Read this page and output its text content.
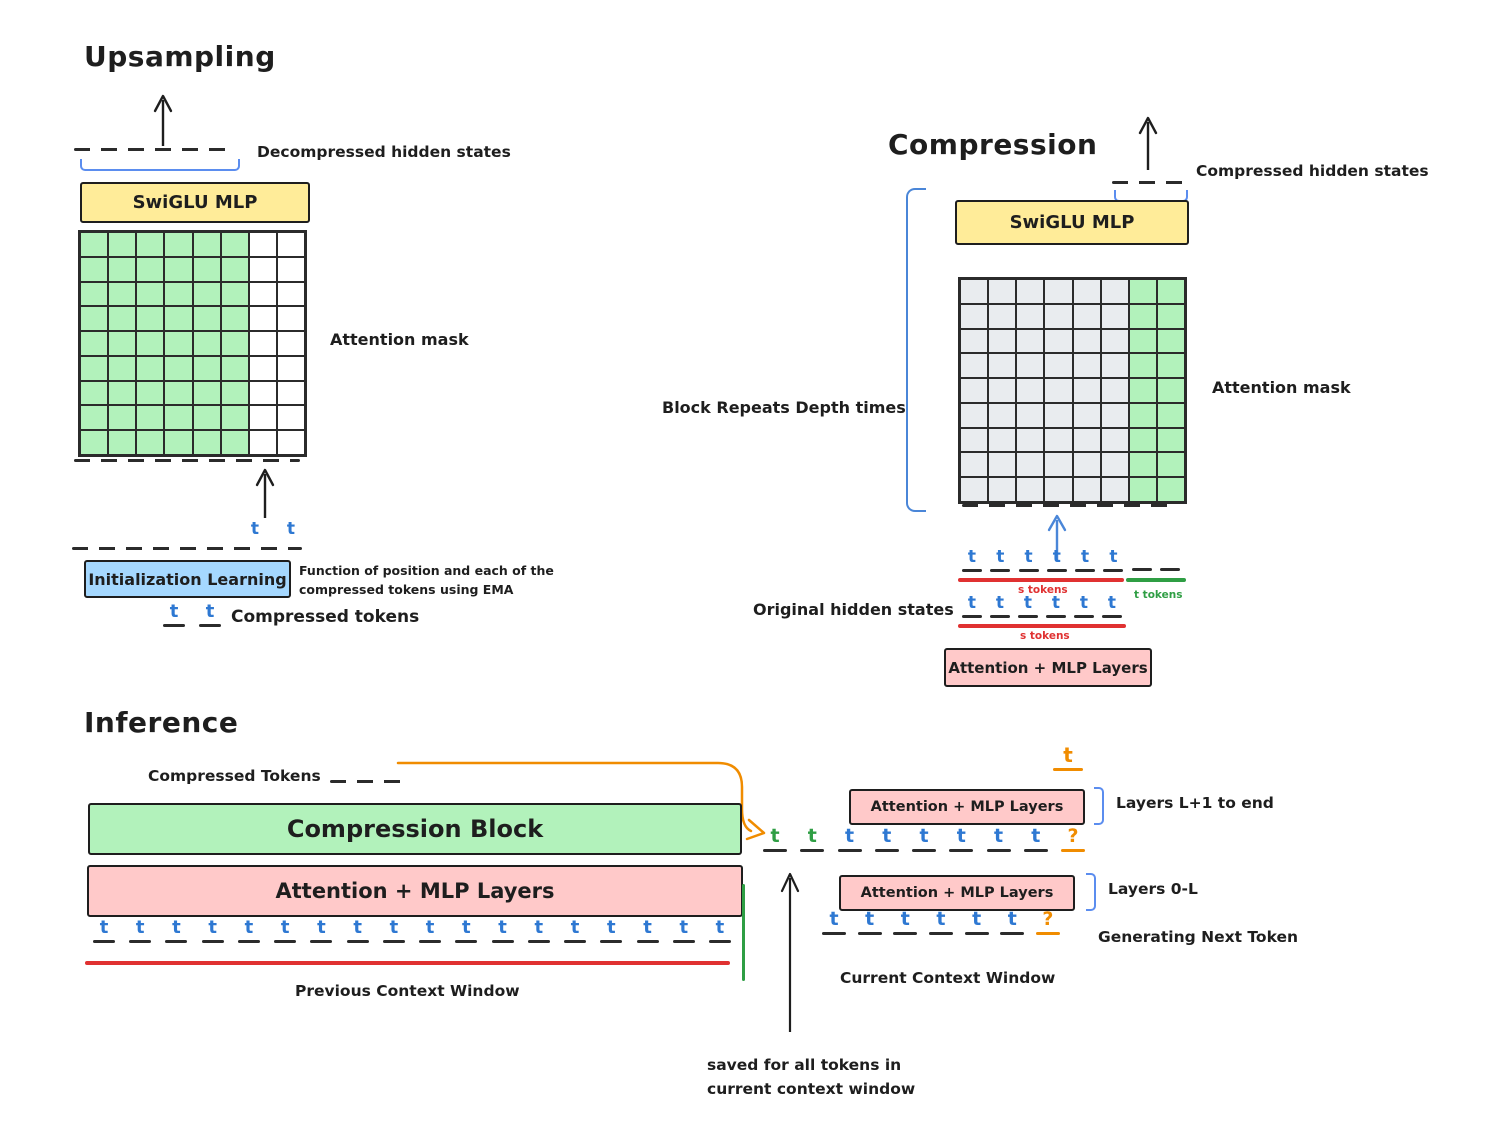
Upsampling
Decompressed hidden states
SwiGLU MLP
Attention mask
t t
Initialization Learning Function of position and each of the
compressed tokens using EMA
t t Compressed tokens
Compression
Compressed hidden states
SwiGLU MLP
Block Repeats Depth times
Attention mask
t t t t t t
s tokens	t tokens
Original hidden states t t t t t t
s tokens
Attention + MLP Layers
Inference
Compressed Tokens
Compression Block
Attention + MLP Layers
t t t t t t t t t t t t t t t t t t
Previous Context Window
saved for all tokens in
current context window
t
Attention + MLP Layers	Layers L+1 to end
t t t t t t t t ?
Attention + MLP Layers	Layers 0-L
t t t t t t ?
Generating Next Token
Current Context Window
